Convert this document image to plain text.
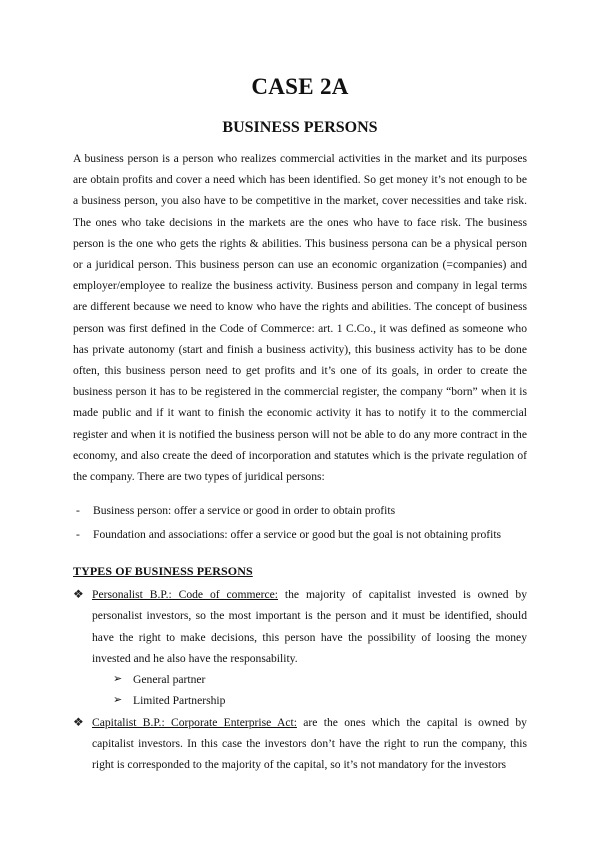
CASE 2A
BUSINESS PERSONS

A business person is a person who realizes commercial activities in the market and its purposes are obtain profits and cover a need which has been identified. So get money it’s not enough to be a business person, you also have to be competitive in the market, cover necessities and take risk. The ones who take decisions in the markets are the ones who have to face risk. The business person is the one who gets the rights & abilities. This business persona can be a physical person or a juridical person. This business person can use an economic organization (=companies) and employer/employee to realize the business activity. Business person and company in legal terms are different because we need to know who have the rights and abilities. The concept of business person was first defined in the Code of Commerce: art. 1 C.Co., it was defined as someone who has private autonomy (start and finish a business activity), this business activity has to be done often, this business person need to get profits and it’s one of its goals, in order to create the business person it has to be registered in the commercial register, the company “born” when it is made public and if it want to finish the economic activity it has to notify it to the commercial register and when it is notified the business person will not be able to do any more contract in the economy, and also create the deed of incorporation and statutes which is the private regulation of the company. There are two types of juridical persons:

- Business person: offer a service or good in order to obtain profits
- Foundation and associations: offer a service or good but the goal is not obtaining profits
TYPES OF BUSINESS PERSONS
❖ Personalist B.P.: Code of commerce: the majority of capitalist invested is owned by personalist investors, so the most important is the person and it must be identified, should have the right to make decisions, this person have the possibility of loosing the money invested and he also have the responsability.
➢ General partner
➢ Limited Partnership
❖ Capitalist B.P.: Corporate Enterprise Act: are the ones which the capital is owned by capitalist investors. In this case the investors don’t have the right to run the company, this right is corresponded to the majority of the capital, so it’s not mandatory for the investors
